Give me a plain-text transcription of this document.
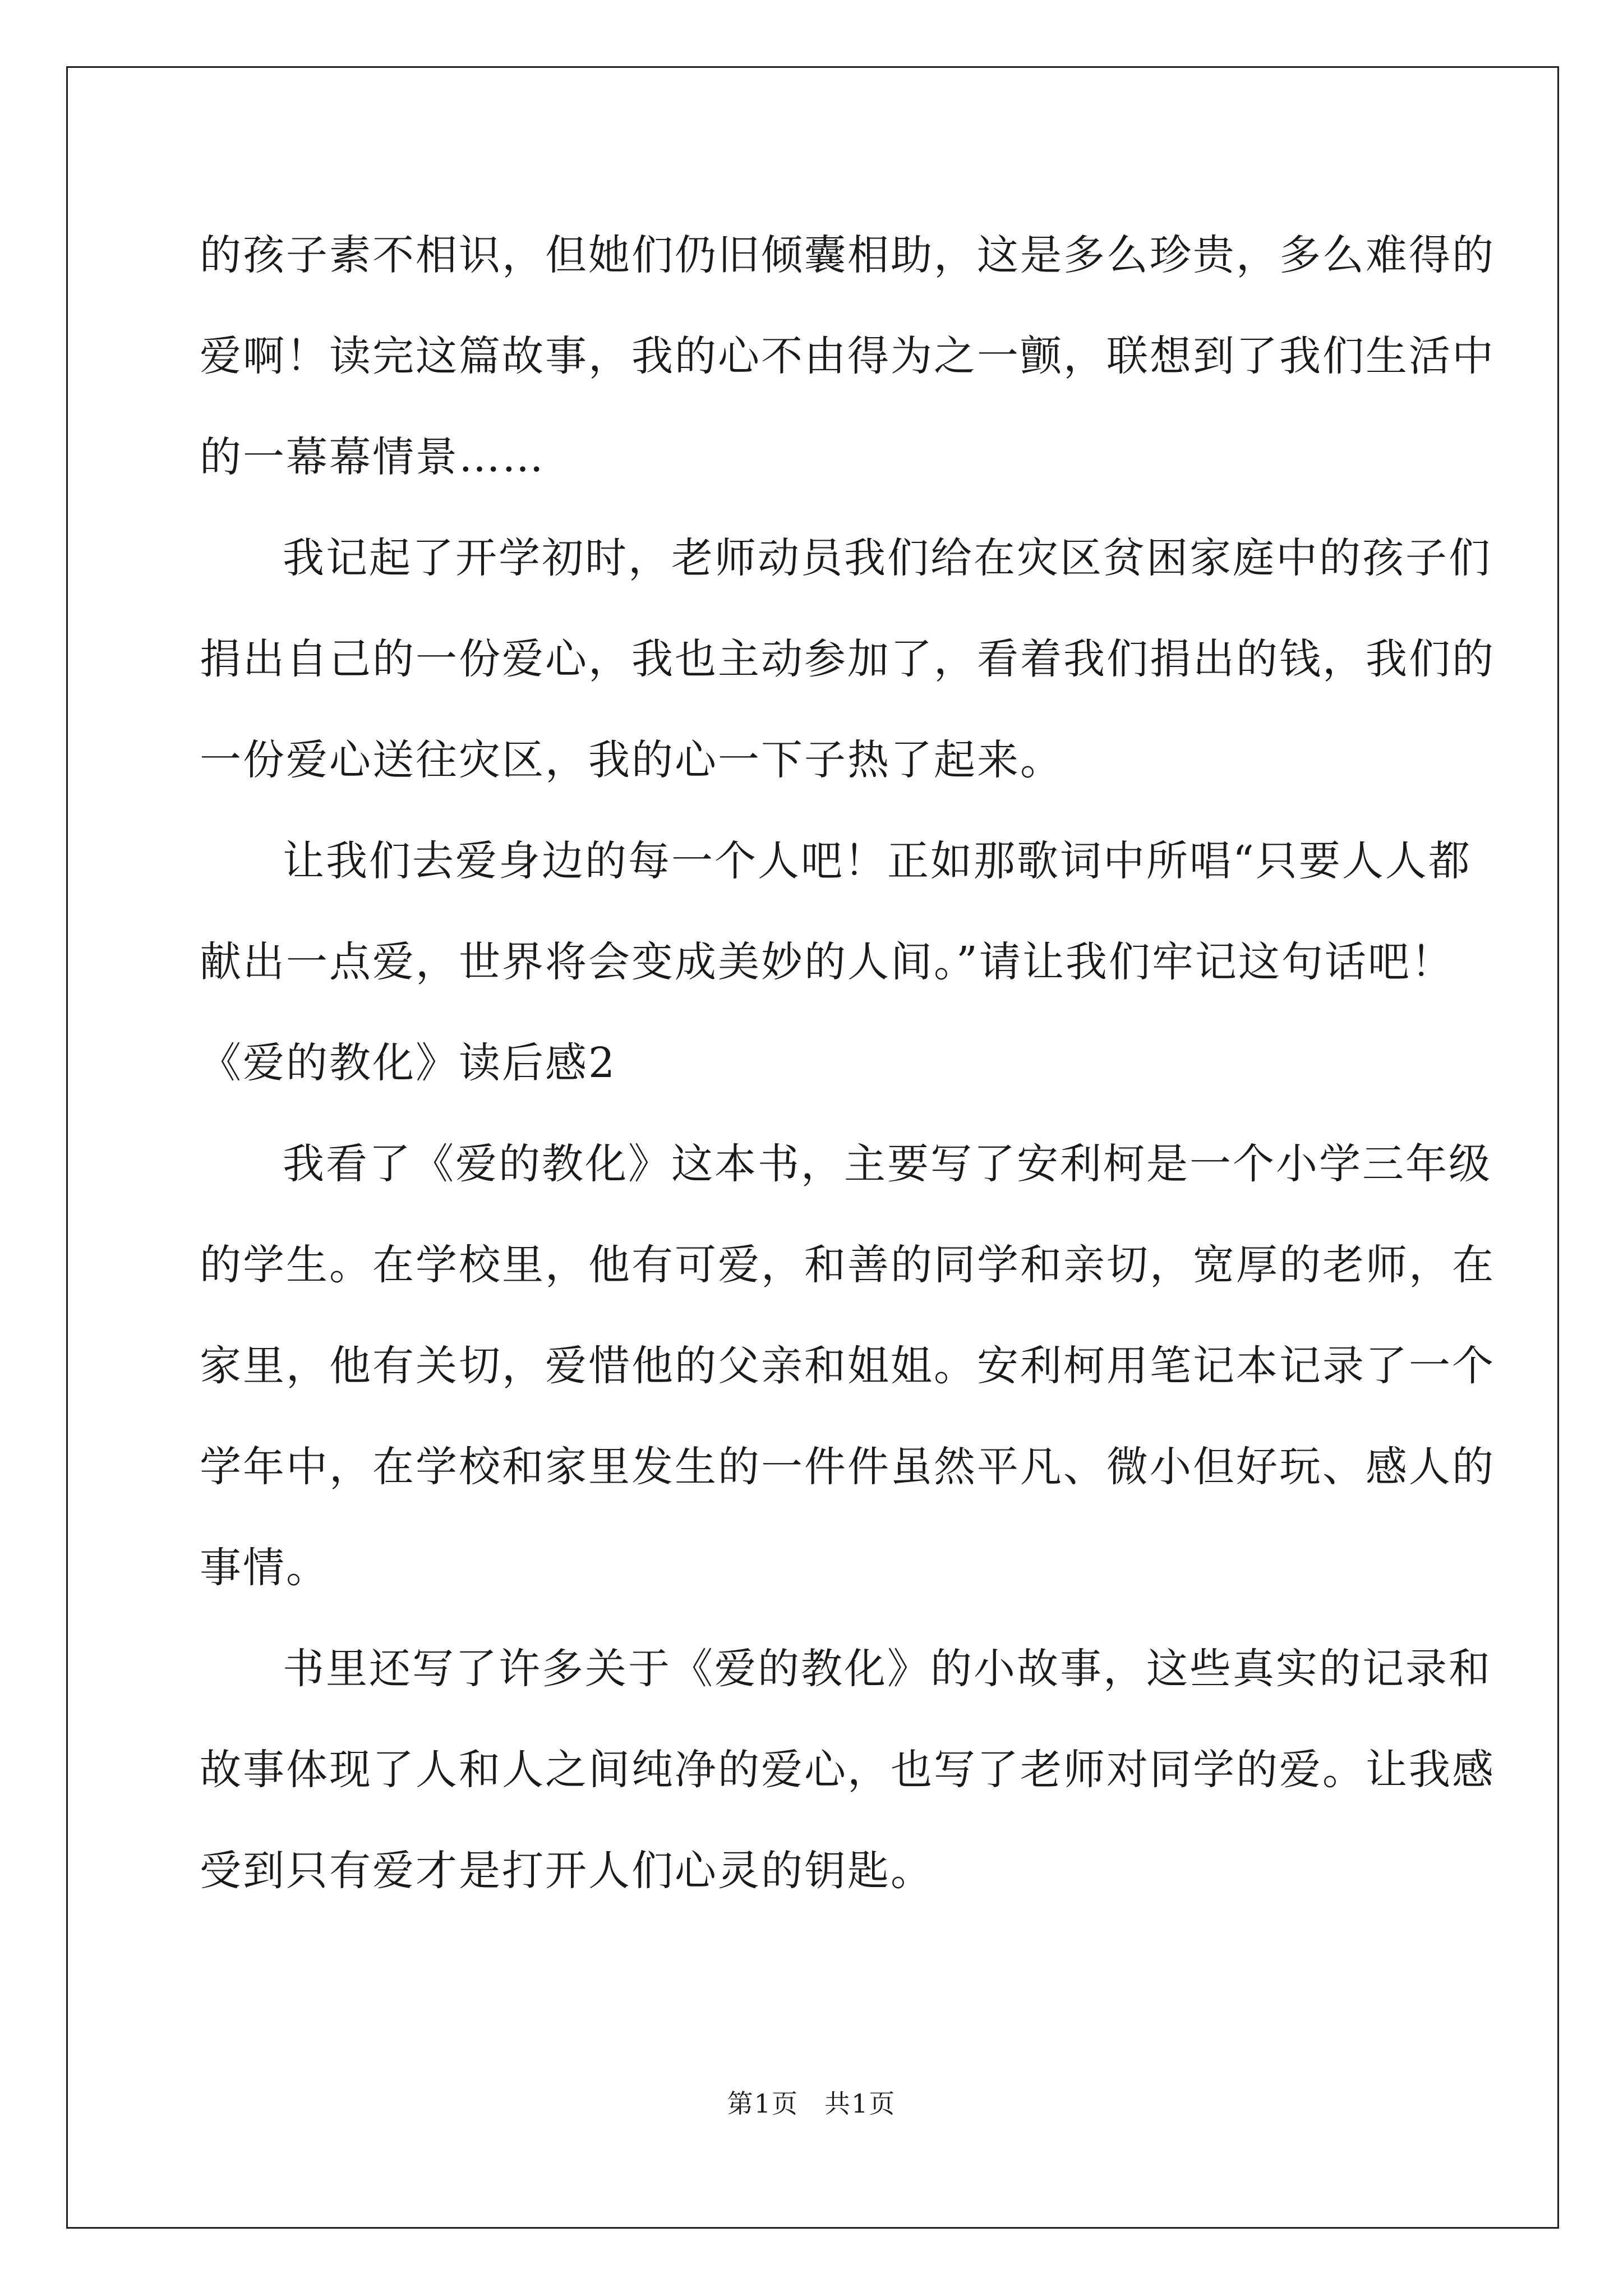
的孩子素不相识，但她们仍旧倾囊相助，这是多么珍贵，多么难得的
爱啊！读完这篇故事，我的心不由得为之一颤，联想到了我们生活中
的一幕幕情景……
我记起了开学初时，老师动员我们给在灾区贫困家庭中的孩子们
捐出自己的一份爱心，我也主动参加了，看着我们捐出的钱，我们的
一份爱心送往灾区，我的心一下子热了起来。
让我们去爱身边的每一个人吧！正如那歌词中所唱“只要人人都
献出一点爱，世界将会变成美妙的人间。”请让我们牢记这句话吧！
《爱的教化》读后感2
我看了《爱的教化》这本书，主要写了安利柯是一个小学三年级
的学生。在学校里，他有可爱，和善的同学和亲切，宽厚的老师，在
家里，他有关切，爱惜他的父亲和姐姐。安利柯用笔记本记录了一个
学年中，在学校和家里发生的一件件虽然平凡、微小但好玩、感人的
事情。
书里还写了许多关于《爱的教化》的小故事，这些真实的记录和
故事体现了人和人之间纯净的爱心，也写了老师对同学的爱。让我感
受到只有爱才是打开人们心灵的钥匙。
第1页 共1页
